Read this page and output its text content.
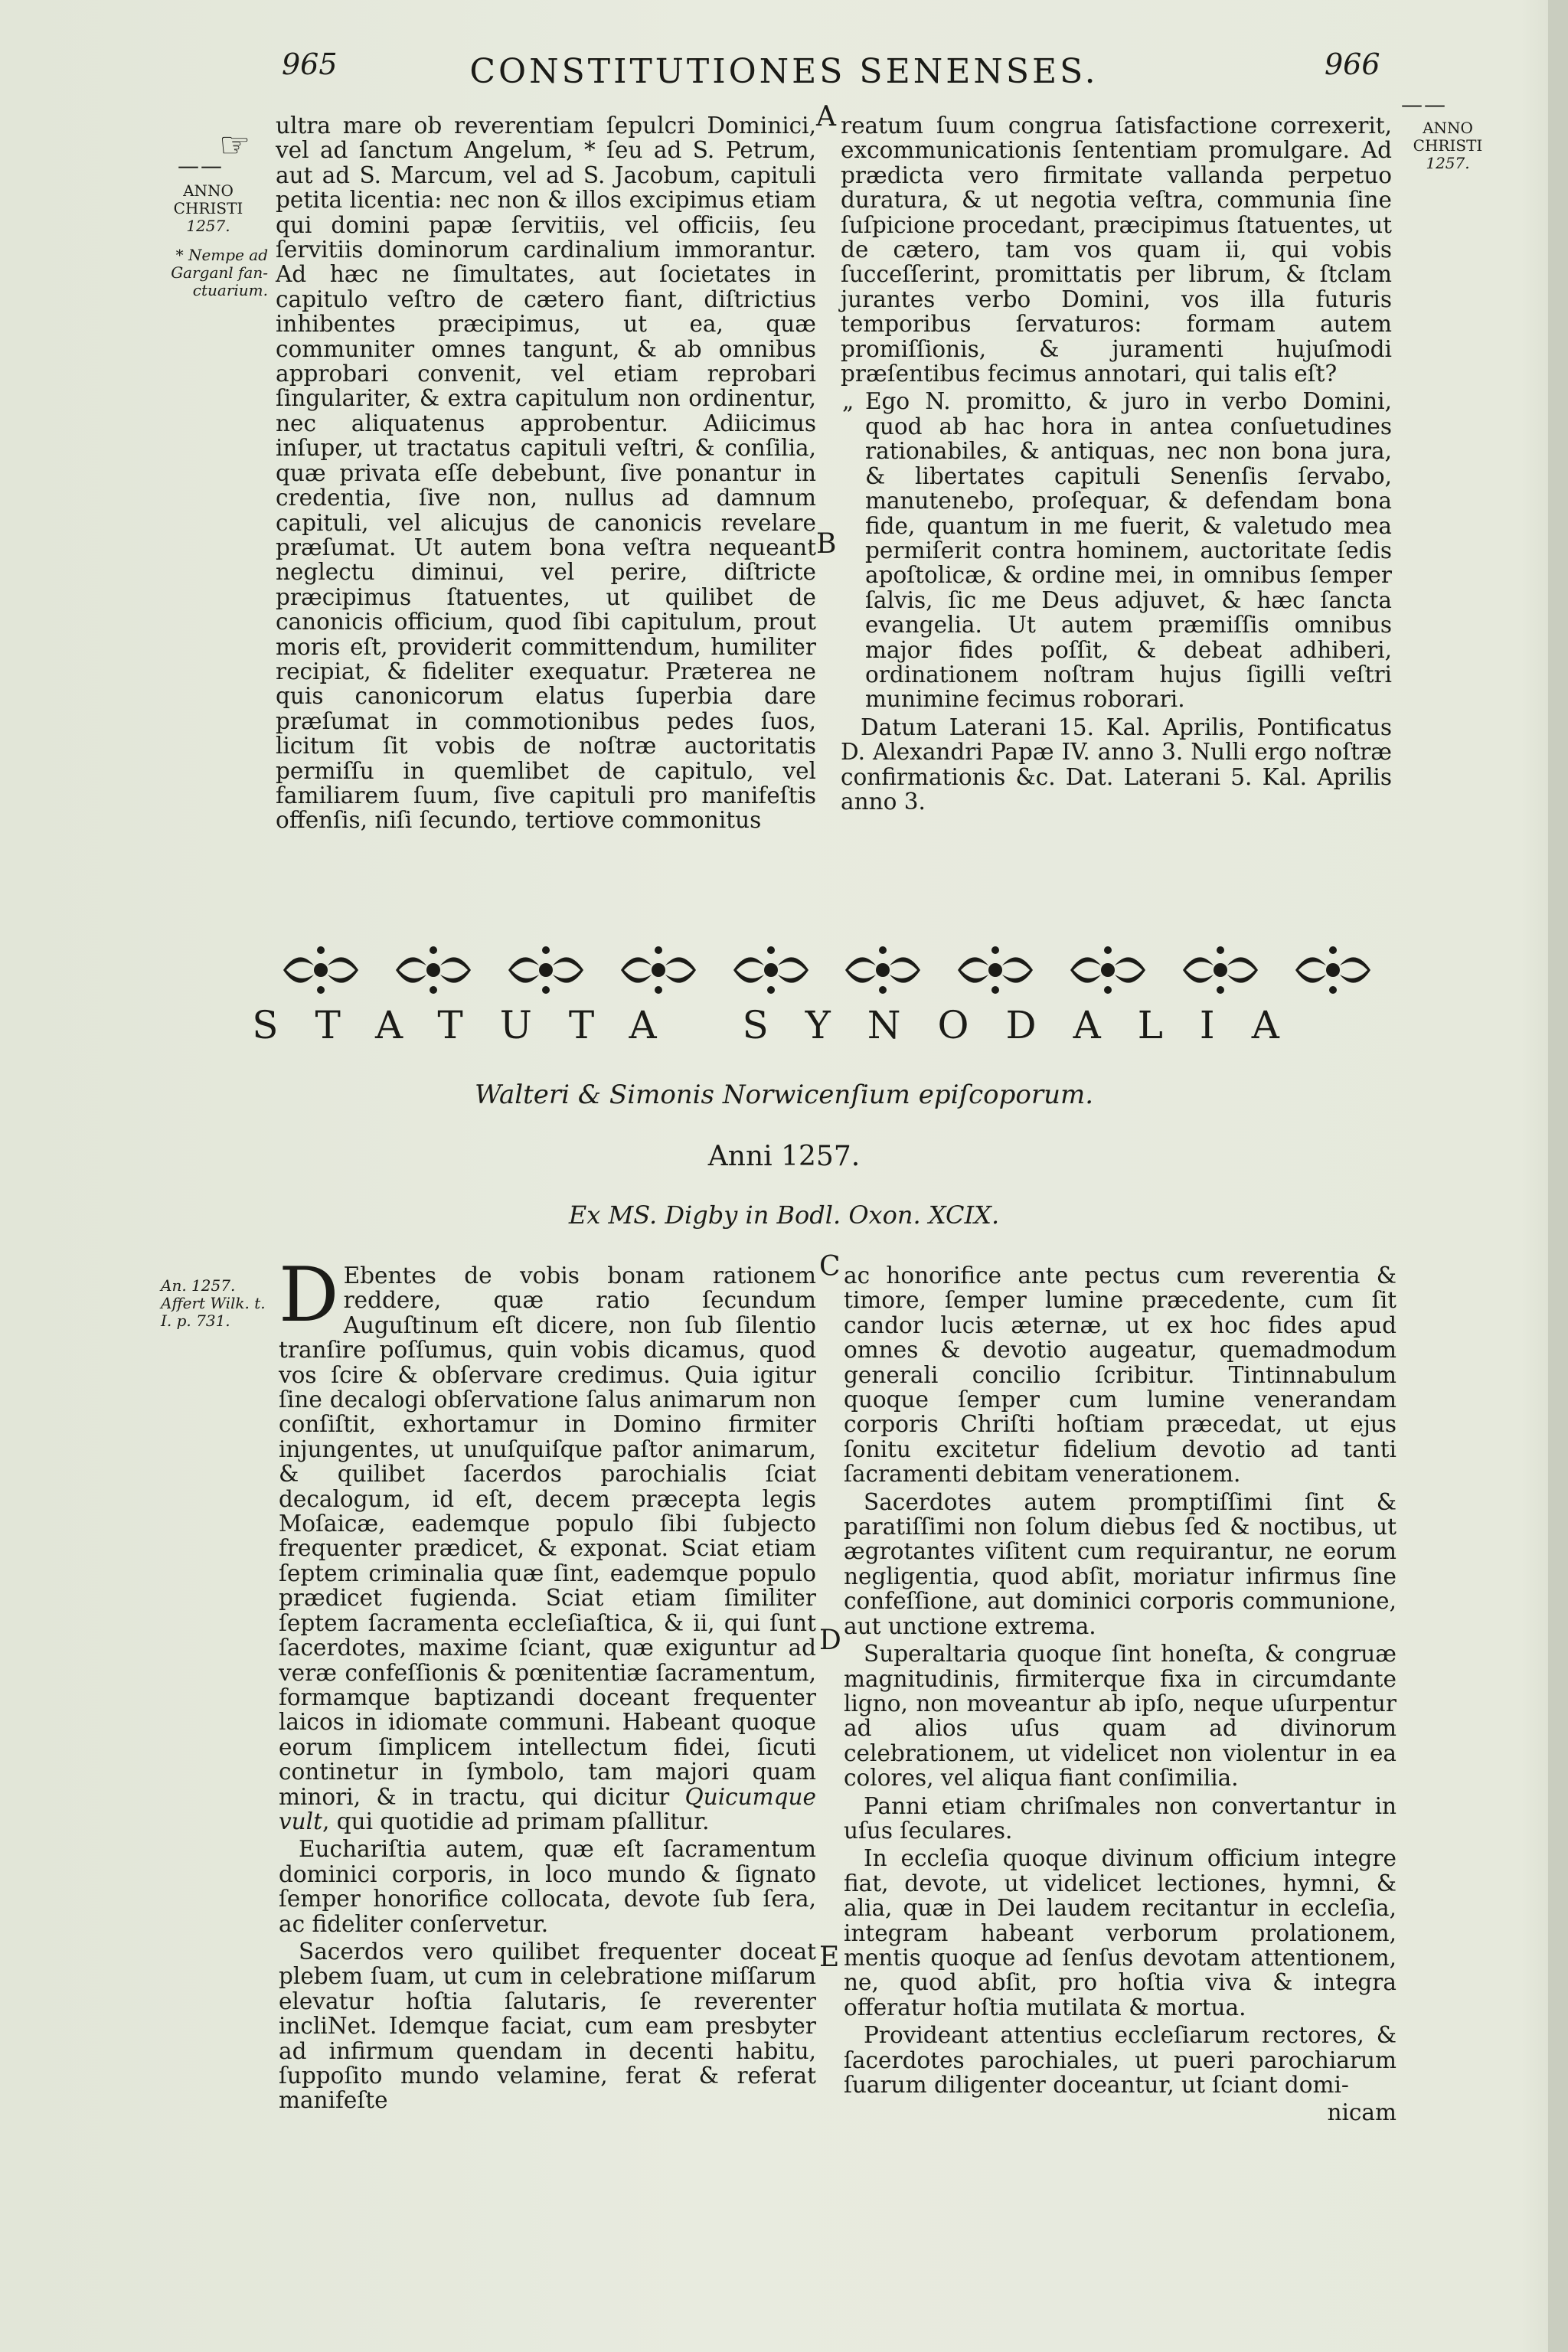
965	CONSTITUTIONES SENENSES.	966
☞
——
——
ANNO
CHRISTI
1257.
* Nempe ad Garganl fan-ctuarium.
ANNO
CHRISTI
1257.
ultra mare ob reverentiam ſepulcri Dominici, vel ad ſanctum Angelum, * ſeu ad S. Petrum, aut ad S. Marcum, vel ad S. Jacobum, capituli petita licentia: nec non & illos excipimus etiam qui domini papæ ſervitiis, vel officiis, ſeu ſervitiis dominorum cardinalium immorantur. Ad hæc ne ſimultates, aut ſocietates in capitulo veſtro de cætero fiant, diſtrictius inhibentes præcipimus, ut ea, quæ communiter omnes tangunt, & ab omnibus approbari convenit, vel etiam reprobari ſingulariter, & extra capitulum non ordinentur, nec aliquatenus approbentur. Adiicimus inſuper, ut tractatus capituli veſtri, & conſilia, quæ privata eſſe debebunt, ſive ponantur in credentia, ſive non, nullus ad damnum capituli, vel alicujus de canonicis revelare præſumat. Ut autem bona veſtra nequeant neglectu diminui, vel perire, diſtricte præcipimus ſtatuentes, ut quilibet de canonicis officium, quod ſibi capitulum, prout moris eſt, providerit committendum, humiliter recipiat, & fideliter exequatur. Præterea ne quis canonicorum elatus ſuperbia dare præſumat in commotionibus pedes ſuos, licitum ſit vobis de noſtræ auctoritatis permiſſu in quemlibet de capitulo, vel familiarem ſuum, ſive capituli pro manifeſtis offenſis, niſi ſecundo, tertiove commonitus
A
B
reatum ſuum congrua ſatisfactione correxerit, excommunicationis ſententiam promulgare. Ad prædicta vero firmitate vallanda perpetuo duratura, & ut negotia veſtra, communia ſine ſuſpicione procedant, præcipimus ſtatuentes, ut de cætero, tam vos quam ii, qui vobis ſucceſſerint, promittatis per librum, & ſtclam jurantes verbo Domini, vos illa futuris temporibus ſervaturos: formam autem promiſſionis, & juramenti hujuſmodi præſentibus fecimus annotari, qui talis eſt?
„ Ego N. promitto, & juro in verbo Domini, quod ab hac hora in antea conſuetudines rationabiles, & antiquas, nec non bona jura, & libertates capituli Senenſis ſervabo, manutenebo, proſequar, & defendam bona fide, quantum in me fuerit, & valetudo mea permiſerit contra hominem, auctoritate ſedis apoſtolicæ, & ordine mei, in omnibus ſemper ſalvis, ſic me Deus adjuvet, & hæc ſancta evangelia. Ut autem præmiſſis omnibus major fides poſſit, & debeat adhiberi, ordinationem noſtram hujus ſigilli veſtri munimine fecimus roborari.
Datum Laterani 15. Kal. Aprilis, Pontificatus D. Alexandri Papæ IV. anno 3. Nulli ergo noſtræ confirmationis &c. Dat. Laterani 5. Kal. Aprilis anno 3.
STATUTA SYNODALIA
Walteri & Simonis Norwicenſium epiſcoporum.
Anni 1257.
Ex MS. Digby in Bodl. Oxon. XCIX.
An. 1257. Affert Wilk. t. I. p. 731. D Ebentes de vobis bonam rationem reddere, quæ ratio ſecundum Auguſtinum eſt dicere, non ſub ſilentio tranſire poſſumus, quin vobis dicamus, quod vos ſcire & obſervare credimus. Quia igitur ſine decalogi obſervatione ſalus animarum non conſiſtit, exhortamur in Domino firmiter injungentes, ut unuſquiſque paſtor animarum, & quilibet ſacerdos parochialis ſciat decalogum, id eſt, decem præcepta legis Moſaicæ, eademque populo ſibi ſubjecto frequenter prædicet, & exponat. Sciat etiam ſeptem criminalia quæ ſint, eademque populo prædicet fugienda. Sciat etiam ſimiliter ſeptem ſacramenta eccleſiaſtica, & ii, qui ſunt ſacerdotes, maxime ſciant, quæ exiguntur ad veræ confeſſionis & pœnitentiæ ſacramentum, formamque baptizandi doceant frequenter laicos in idiomate communi. Habeant quoque eorum ſimplicem intellectum fidei, ſicuti continetur in ſymbolo, tam majori quam minori, & in tractu, qui dicitur Quicumque vult, qui quotidie ad primam pſallitur.
Euchariſtia autem, quæ eſt ſacramentum dominici corporis, in loco mundo & ſignato ſemper honorifice collocata, devote ſub ſera, ac fideliter conſervetur.
Sacerdos vero quilibet frequenter doceat plebem ſuam, ut cum in celebratione miſſarum elevatur hoſtia ſalutaris, ſe reverenter incliNet. Idemque faciat, cum eam presbyter ad infirmum quendam in decenti habitu, ſuppoſito mundo velamine, ferat & referat manifeſte
C
D
E
ac honorifice ante pectus cum reverentia & timore, ſemper lumine præcedente, cum ſit candor lucis æternæ, ut ex hoc fides apud omnes & devotio augeatur, quemadmodum generali concilio ſcribitur. Tintinnabulum quoque ſemper cum lumine venerandam corporis Chriſti hoſtiam præcedat, ut ejus ſonitu excitetur fidelium devotio ad tanti ſacramenti debitam venerationem.
Sacerdotes autem promptiſſimi ſint & paratiſſimi non ſolum diebus ſed & noctibus, ut ægrotantes viſitent cum requirantur, ne eorum negligentia, quod abſit, moriatur infirmus ſine confeſſione, aut dominici corporis communione, aut unctione extrema.
Superaltaria quoque ſint honeſta, & congruæ magnitudinis, firmiterque fixa in circumdante ligno, non moveantur ab ipſo, neque uſurpentur ad alios uſus quam ad divinorum celebrationem, ut videlicet non violentur in ea colores, vel aliqua fiant conſimilia.
Panni etiam chriſmales non convertantur in uſus ſeculares.
In eccleſia quoque divinum officium integre fiat, devote, ut videlicet lectiones, hymni, & alia, quæ in Dei laudem recitantur in eccleſia, integram habeant verborum prolationem, mentis quoque ad ſenſus devotam attentionem, ne, quod abſit, pro hoſtia viva & integra offeratur hoſtia mutilata & mortua.
Provideant attentius eccleſiarum rectores, & ſacerdotes parochiales, ut pueri parochiarum ſuarum diligenter doceantur, ut ſciant domi-
nicam
